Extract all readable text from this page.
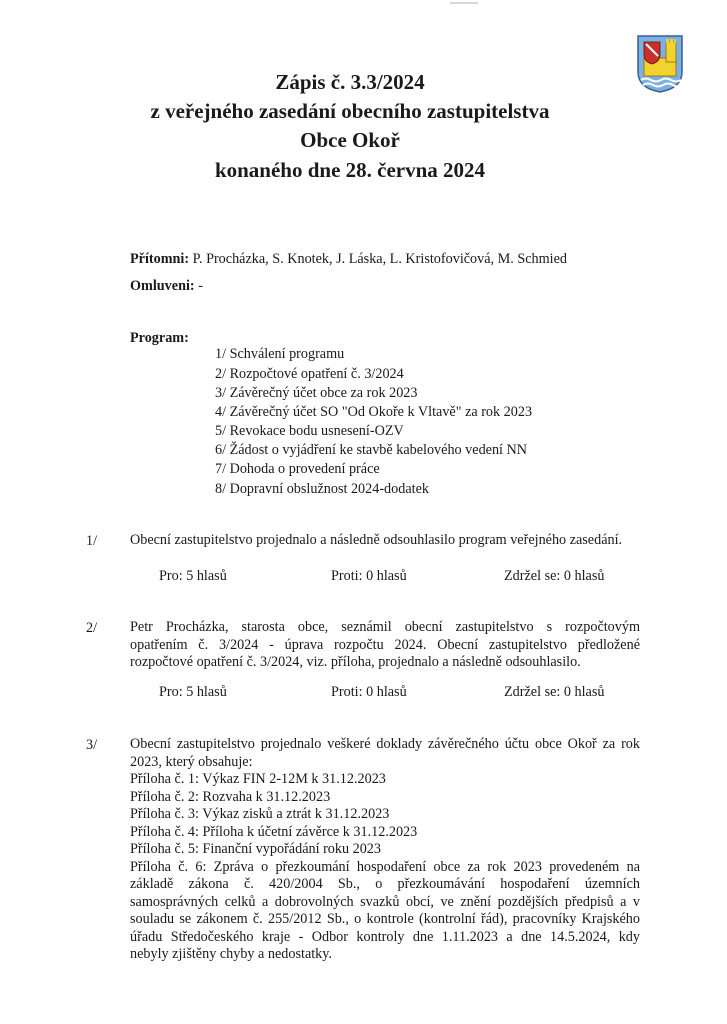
Zápis č. 3.3/2024
z veřejného zasedání obecního zastupitelstva
Obce Okoř
konaného dne 28. června 2024
Přítomni: P. Procházka, S. Knotek, J. Láska, L. Kristofovičová, M. Schmied
Omluveni: -
Program:
1/ Schválení programu
2/ Rozpočtové opatření č. 3/2024
3/ Závěrečný účet obce za rok 2023
4/ Závěrečný účet SO "Od Okoře k Vltavě" za rok 2023
5/ Revokace bodu usnesení-OZV
6/ Žádost o vyjádření ke stavbě kabelového vedení NN
7/ Dohoda o provedení práce
8/ Dopravní obslužnost 2024-dodatek
1/ Obecní zastupitelstvo projednalo a následně odsouhlasilo program veřejného zasedání.
Pro: 5 hlasů	Proti: 0 hlasů	Zdržel se: 0 hlasů
2/ Petr Procházka, starosta obce, seznámil obecní zastupitelstvo s rozpočtovým
opatřením č. 3/2024 - úprava rozpočtu 2024. Obecní zastupitelstvo předložené
rozpočtové opatření č. 3/2024, viz. příloha, projednalo a následně odsouhlasilo.
Pro: 5 hlasů	Proti: 0 hlasů	Zdržel se: 0 hlasů
3/ Obecní zastupitelstvo projednalo veškeré doklady závěrečného účtu obce Okoř za rok
2023, který obsahuje:
Příloha č. 1: Výkaz FIN 2-12M k 31.12.2023
Příloha č. 2: Rozvaha k 31.12.2023
Příloha č. 3: Výkaz zisků a ztrát k 31.12.2023
Příloha č. 4: Příloha k účetní závěrce k 31.12.2023
Příloha č. 5: Finanční vypořádání roku 2023
Příloha č. 6: Zpráva o přezkoumání hospodaření obce za rok 2023 provedeném na
základě zákona č. 420/2004 Sb., o přezkoumávání hospodaření územních
samosprávných celků a dobrovolných svazků obcí, ve znění pozdějších předpisů a v
souladu se zákonem č. 255/2012 Sb., o kontrole (kontrolní řád), pracovníky Krajského
úřadu Středočeského kraje - Odbor kontroly dne 1.11.2023 a dne 14.5.2024, kdy
nebyly zjištěny chyby a nedostatky.
